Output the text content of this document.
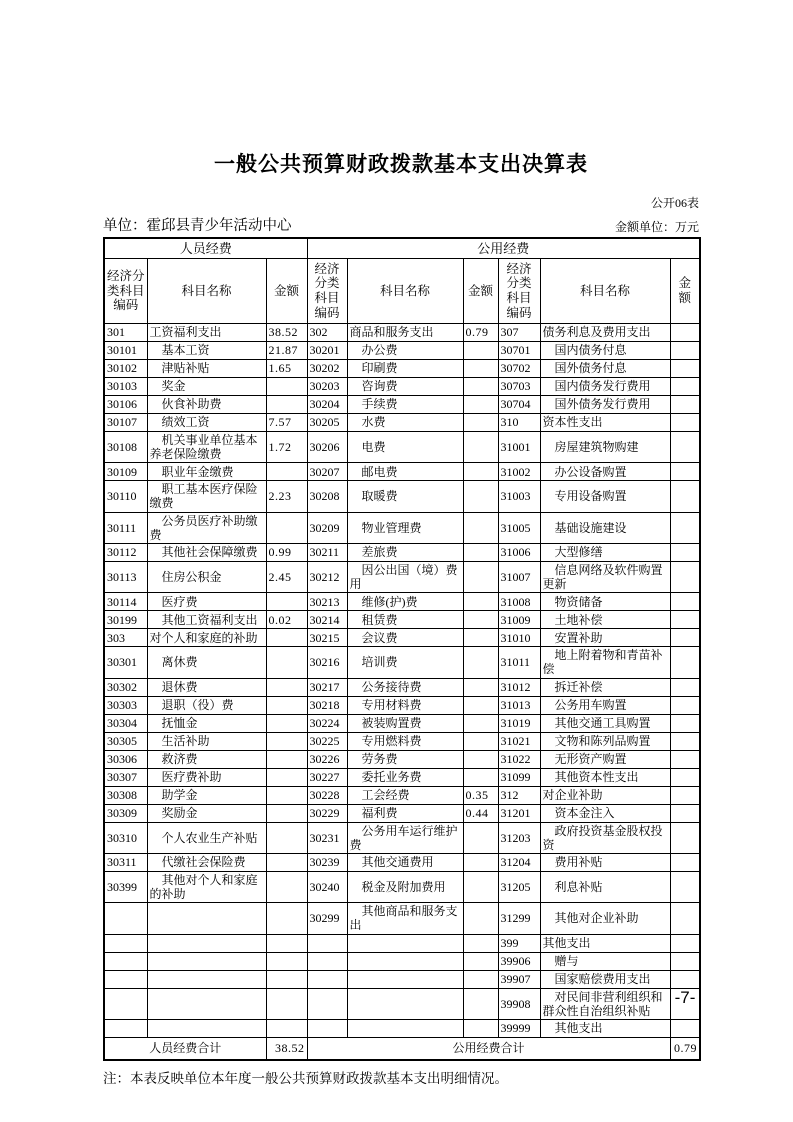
一般公共预算财政拨款基本支出决算表
公开06表
单位：霍邱县青少年活动中心	金额单位：万元
人员经费			公用经费					
经济分类科目编码	科目名称	金额	经济分类科目编码	科目名称	金额	经济分类科目编码	科目名称	金额
301	工资福利支出	38.52	302	商品和服务支出	0.79	307	债务利息及费用支出	
30101	基本工资	21.87	30201	办公费		30701	国内债务付息	
30102	津贴补贴	1.65	30202	印刷费		30702	国外债务付息	
30103	奖金		30203	咨询费		30703	国内债务发行费用	
30106	伙食补助费		30204	手续费		30704	国外债务发行费用	
30107	绩效工资	7.57	30205	水费		310	资本性支出	
30108	机关事业单位基本养老保险缴费	1.72	30206	电费		31001	房屋建筑物购建	
30109	职业年金缴费		30207	邮电费		31002	办公设备购置	
30110	职工基本医疗保险缴费	2.23	30208	取暖费		31003	专用设备购置	
30111	公务员医疗补助缴费		30209	物业管理费		31005	基础设施建设	
30112	其他社会保障缴费	0.99	30211	差旅费		31006	大型修缮	
30113	住房公积金	2.45	30212	因公出国（境）费用		31007	信息网络及软件购置更新	
30114	医疗费		30213	维修(护)费		31008	物资储备	
30199	其他工资福利支出	0.02	30214	租赁费		31009	土地补偿	
303	对个人和家庭的补助		30215	会议费		31010	安置补助	
30301	离休费		30216	培训费		31011	地上附着物和青苗补偿	
30302	退休费		30217	公务接待费		31012	拆迁补偿	
30303	退职（役）费		30218	专用材料费		31013	公务用车购置	
30304	抚恤金		30224	被装购置费		31019	其他交通工具购置	
30305	生活补助		30225	专用燃料费		31021	文物和陈列品购置	
30306	救济费		30226	劳务费		31022	无形资产购置	
30307	医疗费补助		30227	委托业务费		31099	其他资本性支出	
30308	助学金		30228	工会经费	0.35	312	对企业补助	
30309	奖励金		30229	福利费	0.44	31201	资本金注入	
30310	个人农业生产补贴		30231	公务用车运行维护费		31203	政府投资基金股权投资	
30311	代缴社会保险费		30239	其他交通费用		31204	费用补贴	
30399	其他对个人和家庭的补助		30240	税金及附加费用		31205	利息补贴	
			30299	其他商品和服务支出		31299	其他对企业补助	
						399	其他支出	
						39906	赠与	
						39907	国家赔偿费用支出	
						39908	对民间非营利组织和群众性自治组织补贴	
						39999	其他支出	
人员经费合计		38.52	公用经费合计					0.79
注：本表反映单位本年度一般公共预算财政拨款基本支出明细情况。
-7-
